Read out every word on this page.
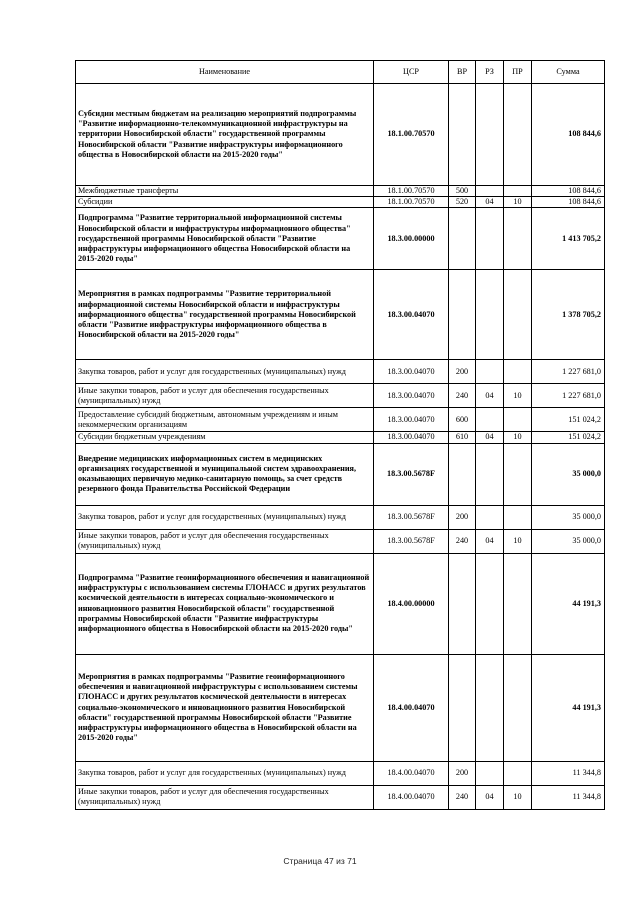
Наименование	ЦСР	ВР	РЗ	ПР	Сумма
Субсидии местным бюджетам на реализацию мероприятий подпрограммы "Развитие информационно-телекоммуникационной инфраструктуры на территории Новосибирской области" государственной программы Новосибирской области "Развитие инфраструктуры информационного общества в Новосибирской области на 2015-2020 годы"	18.1.00.70570				108 844,6
Межбюджетные трансферты	18.1.00.70570	500			108 844,6
Субсидии	18.1.00.70570	520	04	10	108 844,6
Подпрограмма "Развитие территориальной информационной системы Новосибирской области и инфраструктуры информационного общества" государственной программы Новосибирской области "Развитие инфраструктуры информационного общества Новосибирской области на 2015-2020 годы"	18.3.00.00000				1 413 705,2
Мероприятия в рамках подпрограммы "Развитие территориальной информационной системы Новосибирской области и инфраструктуры информационного общества" государственной программы Новосибирской области "Развитие инфраструктуры информационного общества в Новосибирской области на 2015-2020 годы"	18.3.00.04070				1 378 705,2
Закупка товаров, работ и услуг для государственных (муниципальных) нужд	18.3.00.04070	200			1 227 681,0
Иные закупки товаров, работ и услуг для обеспечения государственных (муниципальных) нужд	18.3.00.04070	240	04	10	1 227 681,0
Предоставление субсидий бюджетным, автономным учреждениям и иным некоммерческим организациям	18.3.00.04070	600			151 024,2
Субсидии бюджетным учреждениям	18.3.00.04070	610	04	10	151 024,2
Внедрение медицинских информационных систем в медицинских организациях государственной и муниципальной систем здравоохранения, оказывающих первичную медико-санитарную помощь, за счет средств резервного фонда Правительства Российской Федерации	18.3.00.5678F				35 000,0
Закупка товаров, работ и услуг для государственных (муниципальных) нужд	18.3.00.5678F	200			35 000,0
Иные закупки товаров, работ и услуг для обеспечения государственных (муниципальных) нужд	18.3.00.5678F	240	04	10	35 000,0
Подпрограмма "Развитие геоинформационного обеспечения и навигационной инфраструктуры с использованием системы ГЛОНАСС и других результатов космической деятельности в интересах социально-экономического и инновационного развития Новосибирской области" государственной программы Новосибирской области "Развитие инфраструктуры информационного общества в Новосибирской области на 2015-2020 годы"	18.4.00.00000				44 191,3
Мероприятия в рамках подпрограммы "Развитие геоинформационного обеспечения и навигационной инфраструктуры с использованием системы ГЛОНАСС и других результатов космической деятельности в интересах социально-экономического и инновационного развития Новосибирской области" государственной программы Новосибирской области "Развитие инфраструктуры информационного общества в Новосибирской области на 2015-2020 годы"	18.4.00.04070				44 191,3
Закупка товаров, работ и услуг для государственных (муниципальных) нужд	18.4.00.04070	200			11 344,8
Иные закупки товаров, работ и услуг для обеспечения государственных (муниципальных) нужд	18.4.00.04070	240	04	10	11 344,8
Страница 47 из 71
